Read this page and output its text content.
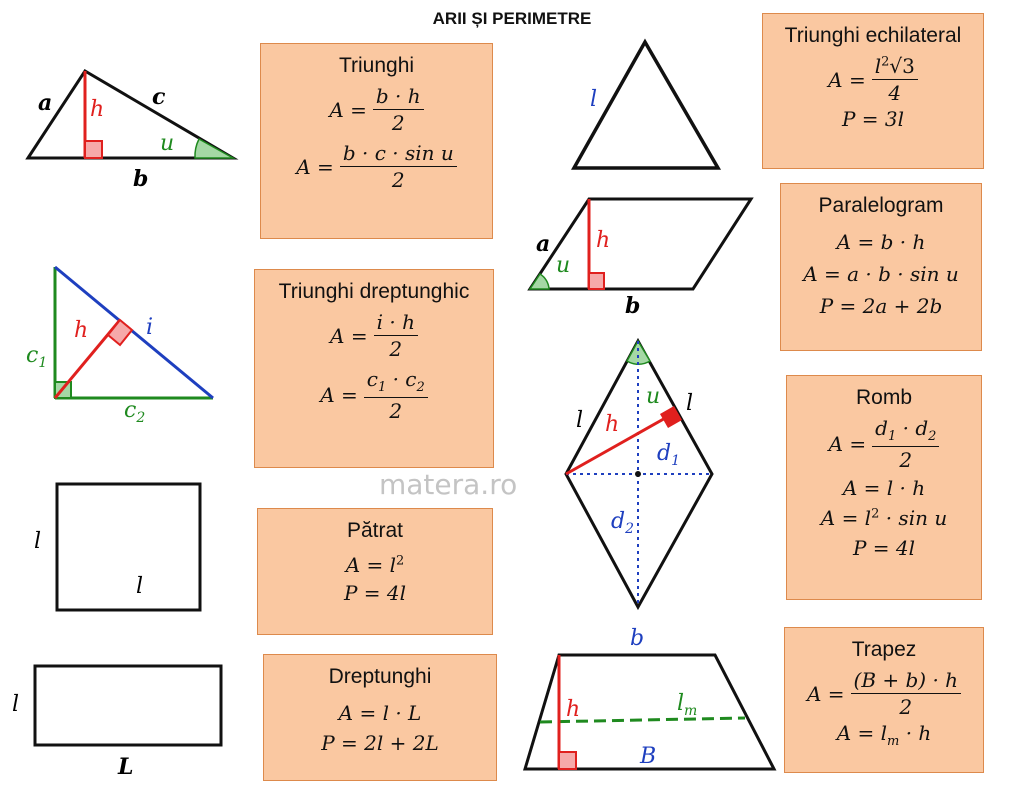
ARII ȘI PERIMETRE
matera.ro
a h c
u
b
h	i
$c_1$
$c_2$
l
l
l
L
l
a
u
h
b
l
l
u
h
$d_1$
$d_2$
b
h	$l_m$
B
Triunghi
$A = \frac{b \cdot h}{2}$
$A = \frac{\text{b · c · sin u}}{2}$
Triunghi dreptunghic
$A = \frac{i \cdot h}{2}$
$A = \frac{c_1 \cdot c_2}{2}$
Pătrat
$A = l^2$
P = 4l
Dreptunghi
A = l · L
P = 2l + 2L
Triunghi echilateral
$A = \frac{l^2√3}{4}$
P = 3l
Paralelogram
A = b · h
A = a · b · sin u
P = 2a + 2b
Romb
$A = \frac{d_1 \cdot d_2}{2}$
A = l · h
$A = l^2 \cdot \sin u$
P = 4l
Trapez
$A = \frac{(B + b) \cdot h}{2}$
$A = l_m \cdot h$
